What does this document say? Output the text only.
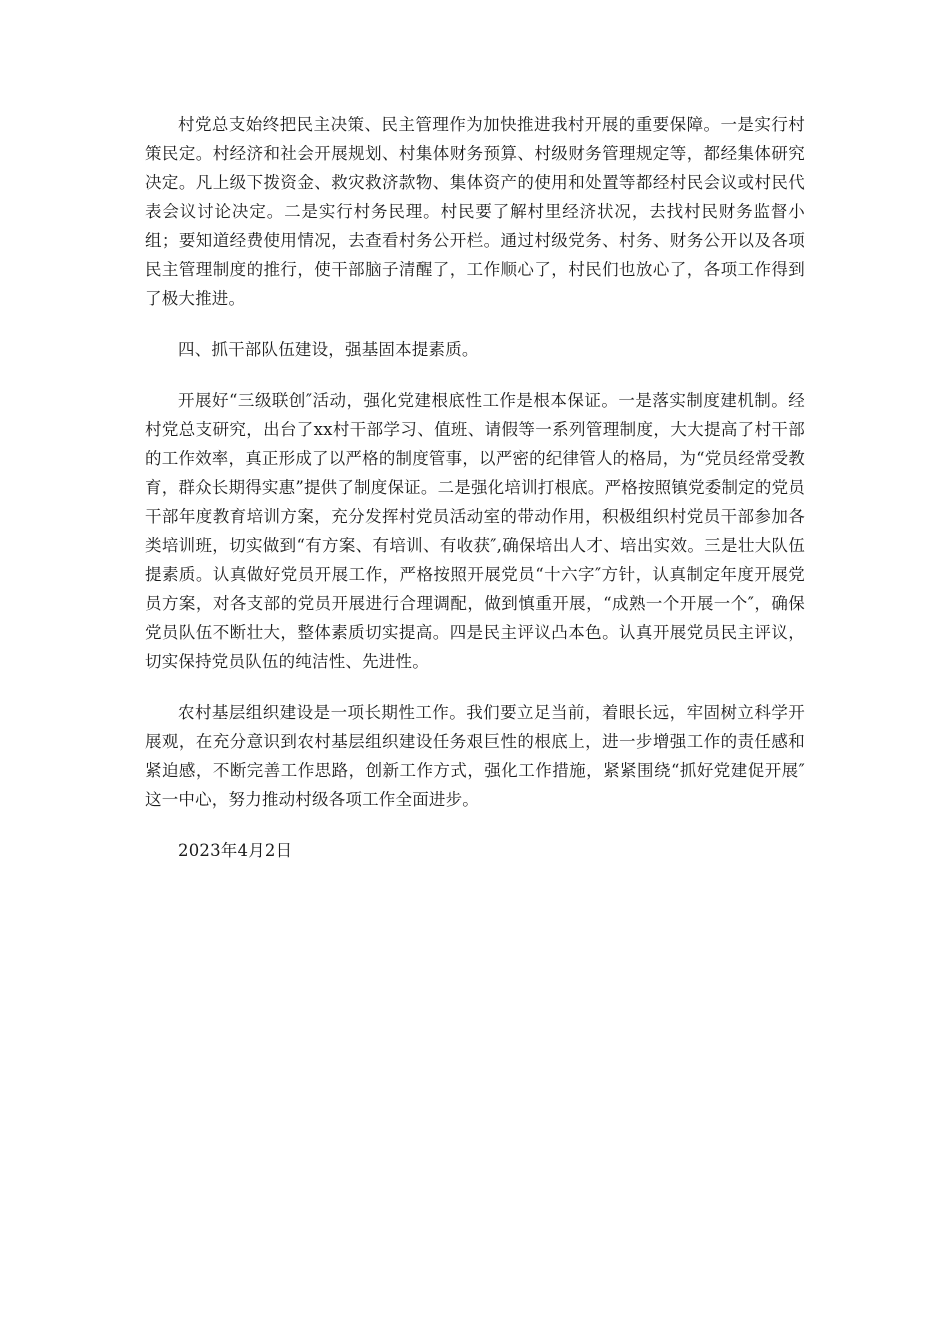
村党总支始终把民主决策、民主管理作为加快推进我村开展的重要保障。一是实行村策民定。村经济和社会开展规划、村集体财务预算、村级财务管理规定等，都经集体研究决定。凡上级下拨资金、救灾救济款物、集体资产的使用和处置等都经村民会议或村民代表会议讨论决定。二是实行村务民理。村民要了解村里经济状况，去找村民财务监督小组；要知道经费使用情况，去查看村务公开栏。通过村级党务、村务、财务公开以及各项民主管理制度的推行，使干部脑子清醒了，工作顺心了，村民们也放心了，各项工作得到了极大推进。

四、抓干部队伍建设，强基固本提素质。

开展好“三级联创″活动，强化党建根底性工作是根本保证。一是落实制度建机制。经村党总支研究，出台了xx村干部学习、值班、请假等一系列管理制度，大大提高了村干部的工作效率，真正形成了以严格的制度管事，以严密的纪律管人的格局，为“党员经常受教育，群众长期得实惠”提供了制度保证。二是强化培训打根底。严格按照镇党委制定的党员干部年度教育培训方案，充分发挥村党员活动室的带动作用，积极组织村党员干部参加各类培训班，切实做到“有方案、有培训、有收获″,确保培出人才、培出实效。三是壮大队伍提素质。认真做好党员开展工作，严格按照开展党员“十六字″方针，认真制定年度开展党员方案，对各支部的党员开展进行合理调配，做到慎重开展，“成熟一个开展一个″，确保党员队伍不断壮大，整体素质切实提高。四是民主评议凸本色。认真开展党员民主评议，切实保持党员队伍的纯洁性、先进性。

农村基层组织建设是一项长期性工作。我们要立足当前，着眼长远，牢固树立科学开展观，在充分意识到农村基层组织建设任务艰巨性的根底上，进一步增强工作的责任感和紧迫感，不断完善工作思路，创新工作方式，强化工作措施，紧紧围绕“抓好党建促开展″这一中心，努力推动村级各项工作全面进步。

2023年4月2日
